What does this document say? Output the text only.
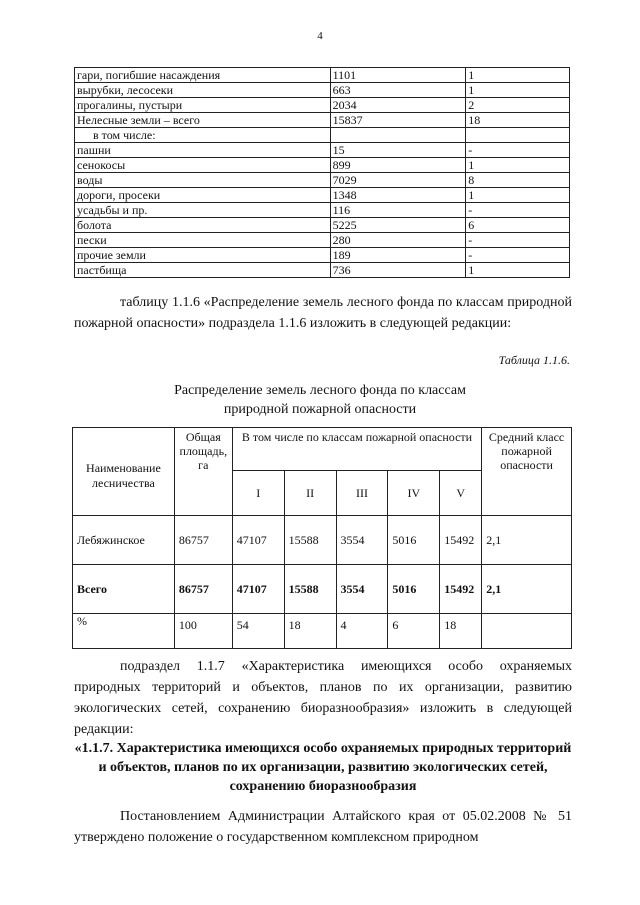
4
гари, погибшие насаждения	1101	1
вырубки, лесосеки	663	1
прогалины, пустыри	2034	2
Нелесные земли – всего	15837	18
в том числе:		
пашни	15	-
сенокосы	899	1
воды	7029	8
дороги, просеки	1348	1
усадьбы и пр.	116	-
болота	5225	6
пески	280	-
прочие земли	189	-
пастбища	736	1
таблицу 1.1.6 «Распределение земель лесного фонда по классам природной пожарной опасности» подраздела 1.1.6 изложить в следующей редакции:
Таблица 1.1.6.
Распределение земель лесного фонда по классам
природной пожарной опасности
Наименование лесничества	Общая площадь, га	В том числе по классам пожарной опасности					Средний класс пожарной опасности
		I	II	III	IV	V	
Лебяжинское	86757	47107	15588	3554	5016	15492	2,1
Всего	86757	47107	15588	3554	5016	15492	2,1
%	100	54	18	4	6	18	
подраздел 1.1.7 «Характеристика имеющихся особо охраняемых природных территорий и объектов, планов по их организации, развитию экологических сетей, сохранению биоразнообразия» изложить в следующей редакции:
«1.1.7. Характеристика имеющихся особо охраняемых природных территорий и объектов, планов по их организации, развитию экологических сетей, сохранению биоразнообразия
Постановлением Администрации Алтайского края от 05.02.2008 № 51 утверждено положение о государственном комплексном природном
